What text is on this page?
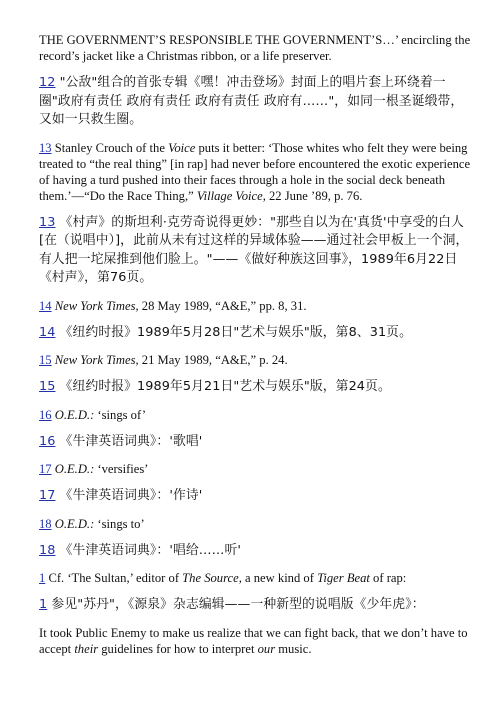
THE GOVERNMENT’S RESPONSIBLE THE GOVERNMENT’S…’ encircling the record’s jacket like a Christmas ribbon, or a life preserver.

12 "公敌"组合的首张专辑《嘿！冲击登场》封面上的唱片套上环绕着一圈"政府有责任 政府有责任 政府有责任 政府有……"，如同一根圣诞缎带，又如一只救生圈。

13 Stanley Crouch of the Voice puts it better: ‘Those whites who felt they were being treated to “the real thing” [in rap] had never before encountered the exotic experience of having a turd pushed into their faces through a hole in the social deck beneath them.’—“Do the Race Thing,” Village Voice, 22 June ’89, p. 76.

13 《村声》的斯坦利·克劳奇说得更妙："那些自以为在'真货'中享受的白人[在（说唱中）]，此前从未有过这样的异域体验——通过社会甲板上一个洞，有人把一坨屎推到他们脸上。"——《做好种族这回事》，1989年6月22日《村声》，第76页。

14 New York Times, 28 May 1989, “A&E,” pp. 8, 31.

14 《纽约时报》1989年5月28日"艺术与娱乐"版，第8、31页。

15 New York Times, 21 May 1989, “A&E,” p. 24.

15 《纽约时报》1989年5月21日"艺术与娱乐"版，第24页。

16 O.E.D.: ‘sings of’

16 《牛津英语词典》：'歌唱'

17 O.E.D.: ‘versifies’

17 《牛津英语词典》：'作诗'

18 O.E.D.: ‘sings to’

18 《牛津英语词典》：'唱给……听'

1 Cf. ‘The Sultan,’ editor of The Source, a new kind of Tiger Beat of rap:

1 参见"苏丹"，《源泉》杂志编辑——一种新型的说唱版《少年虎》：

It took Public Enemy to make us realize that we can fight back, that we don’t have to accept their guidelines for how to interpret our music.
